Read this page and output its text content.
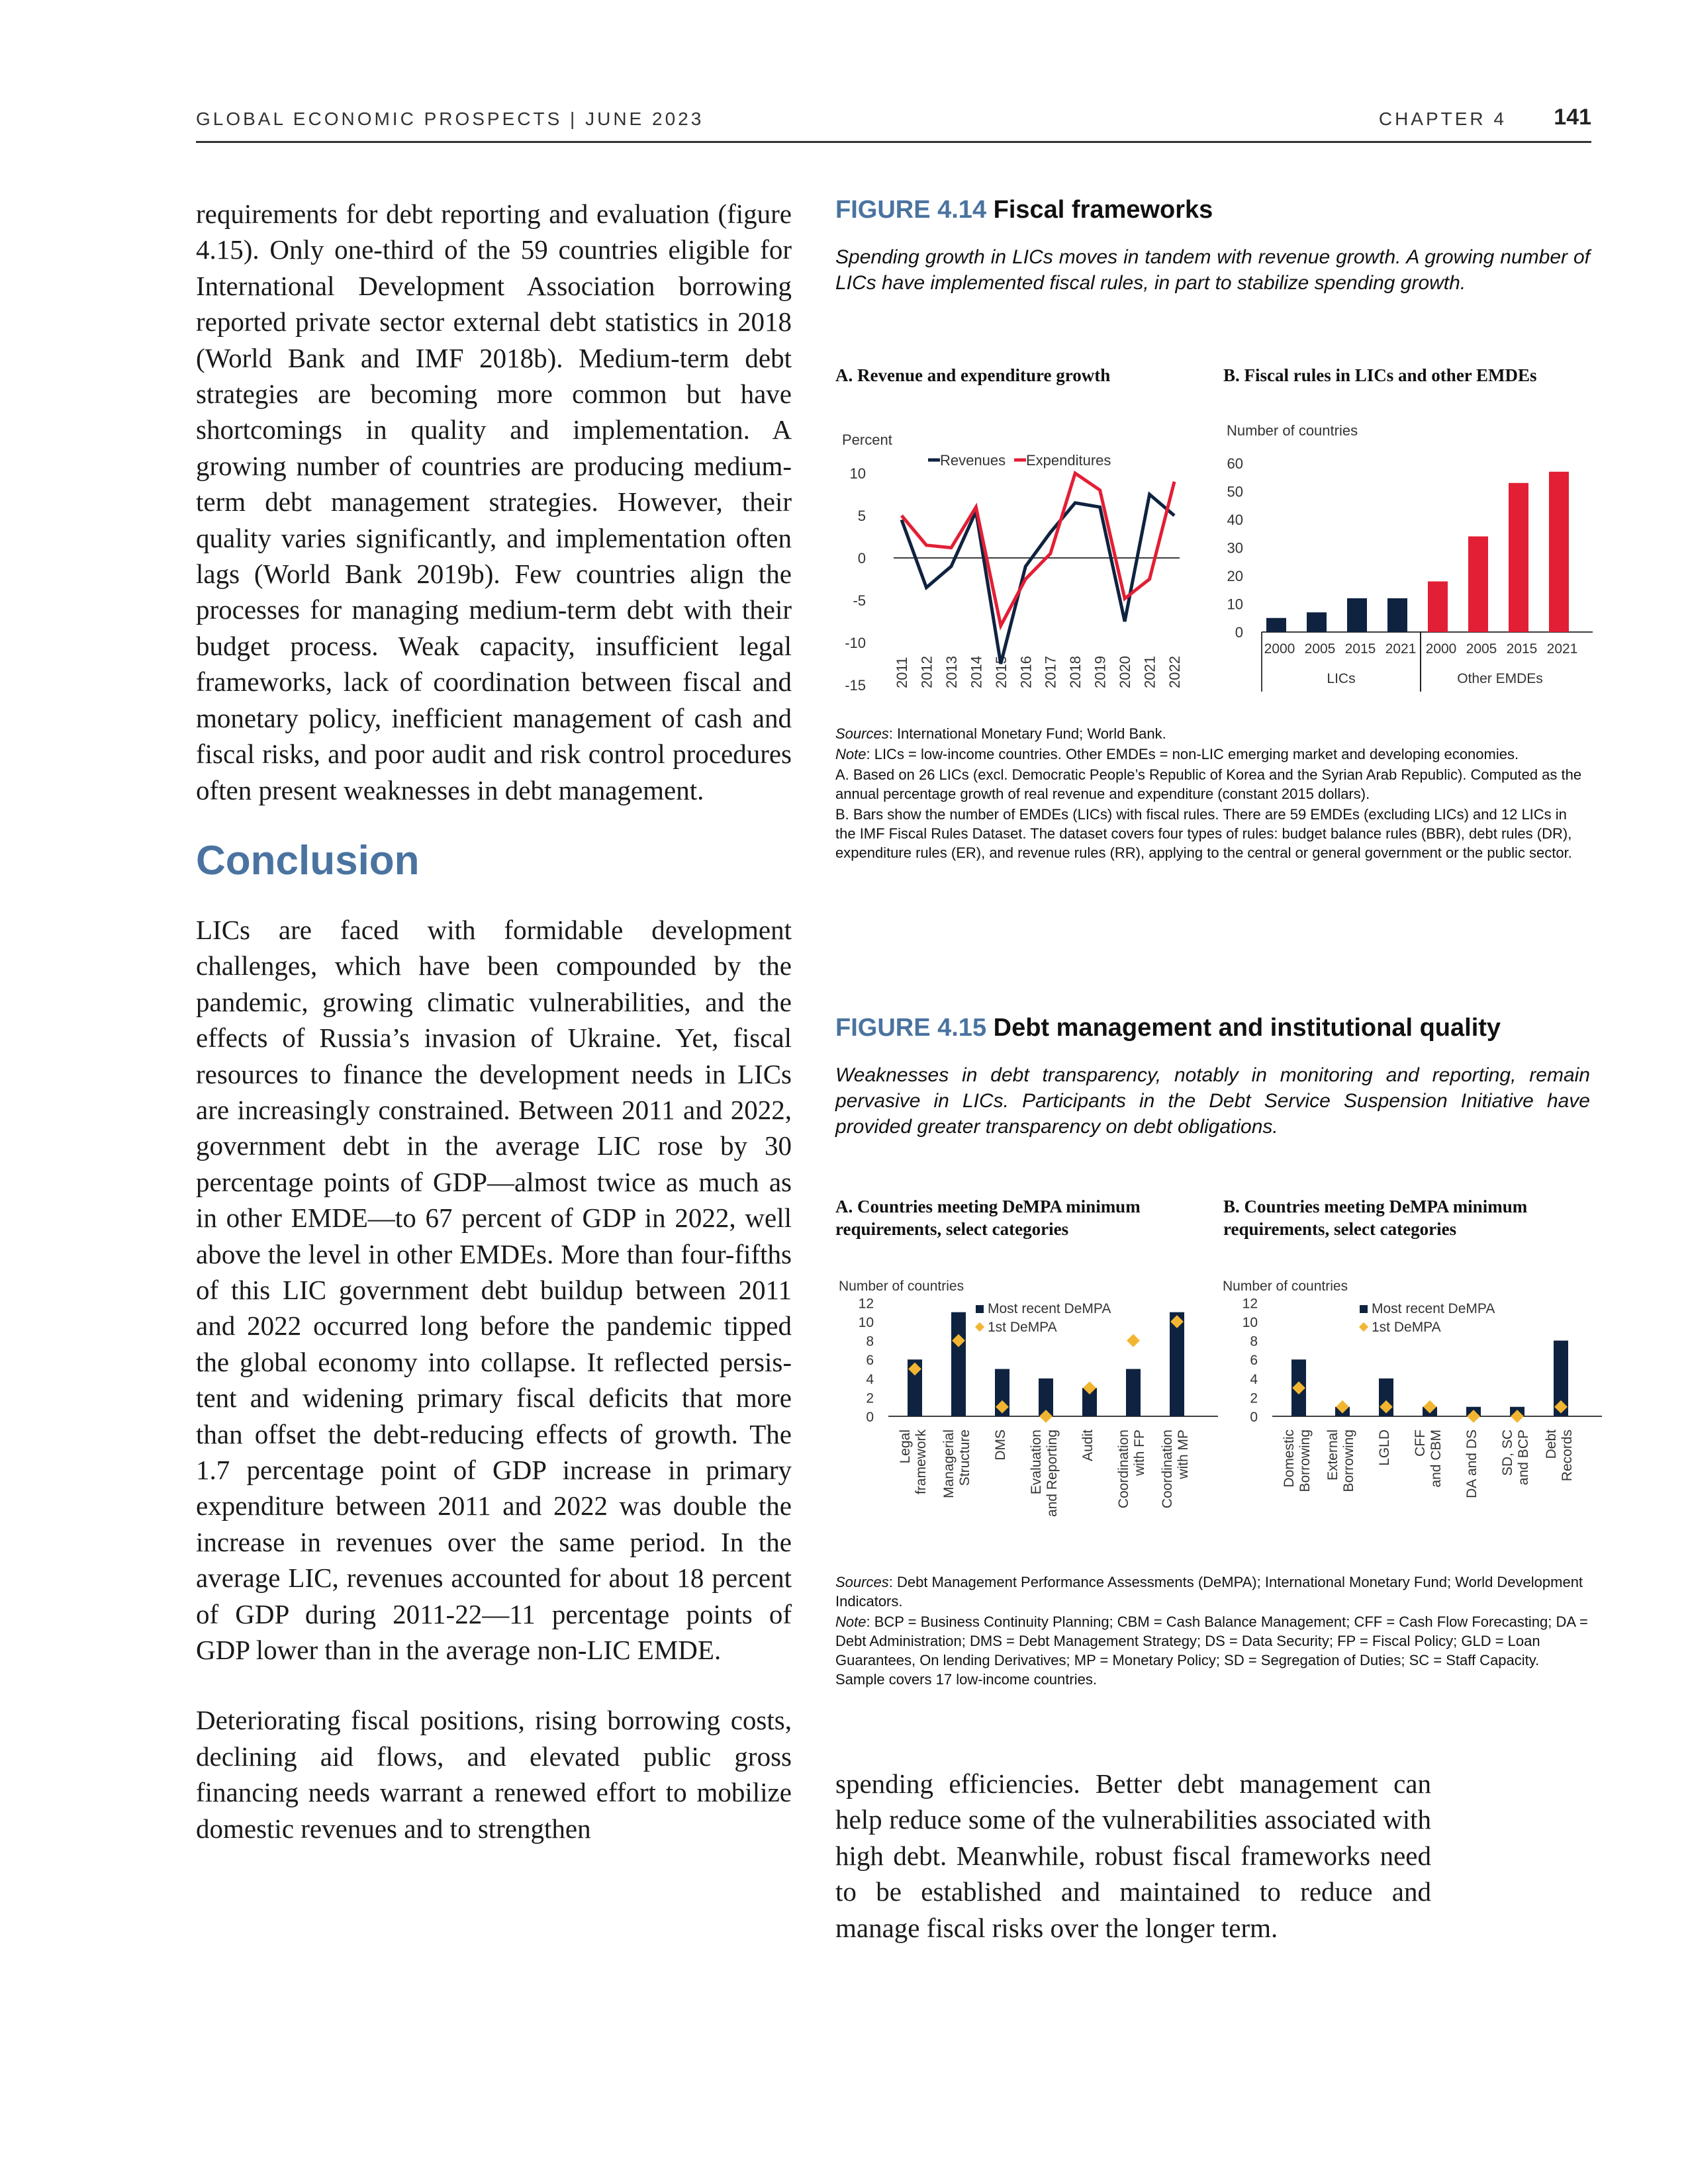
GLOBAL ECONOMIC PROSPECTS | JUNE 2023	CHAPTER 4 141

requirements for debt reporting and evaluation (figure 4.15). Only one-third of the 59 countries eligible for International Development Association borrowing reported private sector external debt statistics in 2018 (World Bank and IMF 2018b). Medium-term debt strategies are becoming more common but have shortcomings in quality and implementation. A growing number of countries are producing medium-term debt management strategies. However, their quality varies significantly, and implementation often lags (World Bank 2019b). Few countries align the processes for managing medium-term debt with their budget process. Weak capacity, insufficient legal frameworks, lack of coordination between fiscal and monetary policy, inefficient management of cash and fiscal risks, and poor audit and risk control procedures often present weaknesses in debt management.

Conclusion

LICs are faced with formidable development challenges, which have been compounded by the pandemic, growing climatic vulnerabilities, and the effects of Russia’s invasion of Ukraine. Yet, fiscal resources to finance the development needs in LICs are increasingly constrained. Between 2011 and 2022, government debt in the average LIC rose by 30 percentage points of GDP—almost twice as much as in other EMDE—to 67 percent of GDP in 2022, well above the level in other EMDEs. More than four-fifths of this LIC government debt buildup between 2011 and 2022 occurred long before the pandemic tipped the global economy into collapse. It reflected persistent and widening primary fiscal deficits that more than offset the debt-reducing effects of growth. The 1.7 percentage point of GDP increase in primary expenditure between 2011 and 2022 was double the increase in revenues over the same period. In the average LIC, revenues accounted for about 18 percent of GDP during 2011-22—11 percentage points of GDP lower than in the average non-LIC EMDE.

Deteriorating fiscal positions, rising borrowing costs, declining aid flows, and elevated public gross financing needs warrant a renewed effort to mobilize domestic revenues and to strengthen

FIGURE 4.14 Fiscal frameworks
Spending growth in LICs moves in tandem with revenue growth. A growing number of LICs have implemented fiscal rules, in part to stabilize spending growth.
A. Revenue and expenditure growth	B. Fiscal rules in LICs and other EMDEs
Percent
10
5
0
-5
-10
-15 2011 2012 2013 2014 2015 2016 2017 2018 2019 2020 2021 2022
Revenues Expenditures
Number of countries
60
50
40
30
20
10
0
2000 2005 2015 2021
LICs
2000 2005 2015 2021
Other EMDEs

Sources: International Monetary Fund; World Bank.

Note: LICs = low-income countries. Other EMDEs = non-LIC emerging market and developing economies.

A. Based on 26 LICs (excl. Democratic People’s Republic of Korea and the Syrian Arab Republic). Computed as the annual percentage growth of real revenue and expenditure (constant 2015 dollars).

B. Bars show the number of EMDEs (LICs) with fiscal rules. There are 59 EMDEs (excluding LICs) and 12 LICs in the IMF Fiscal Rules Dataset. The dataset covers four types of rules: budget balance rules (BBR), debt rules (DR), expenditure rules (ER), and revenue rules (RR), applying to the central or general government or the public sector.

FIGURE 4.15 Debt management and institutional quality
Weaknesses in debt transparency, notably in monitoring and reporting, remain pervasive in LICs. Participants in the Debt Service Suspension Initiative have provided greater transparency on debt obligations.
A. Countries meeting DeMPA minimum requirements, select categories
B. Countries meeting DeMPA minimum requirements, select categories
Number of countries
12
10
8
6
4
2
0
Most recent DeMPA
1st DeMPA
Legal framework Managerial Structure DMS Evaluation and Reporting Audit Coordination with FP Coordination with MP
Number of countries
12
10
8
6
4
2
0
Most recent DeMPA
1st DeMPA
Domestic Borrowing External Borrowing LGLD CFF and CBM DA and DS SD, SC and BCP Debt Records

Sources: Debt Management Performance Assessments (DeMPA); International Monetary Fund; World Development Indicators.

Note: BCP = Business Continuity Planning; CBM = Cash Balance Management; CFF = Cash Flow Forecasting; DA = Debt Administration; DMS = Debt Management Strategy; DS = Data Security; FP = Fiscal Policy; GLD = Loan Guarantees, On lending Derivatives; MP = Monetary Policy; SD = Segregation of Duties; SC = Staff Capacity. Sample covers 17 low-income countries.

spending efficiencies. Better debt management can help reduce some of the vulnerabilities associated with high debt. Meanwhile, robust fiscal frameworks need to be established and maintained to reduce and manage fiscal risks over the longer term.
